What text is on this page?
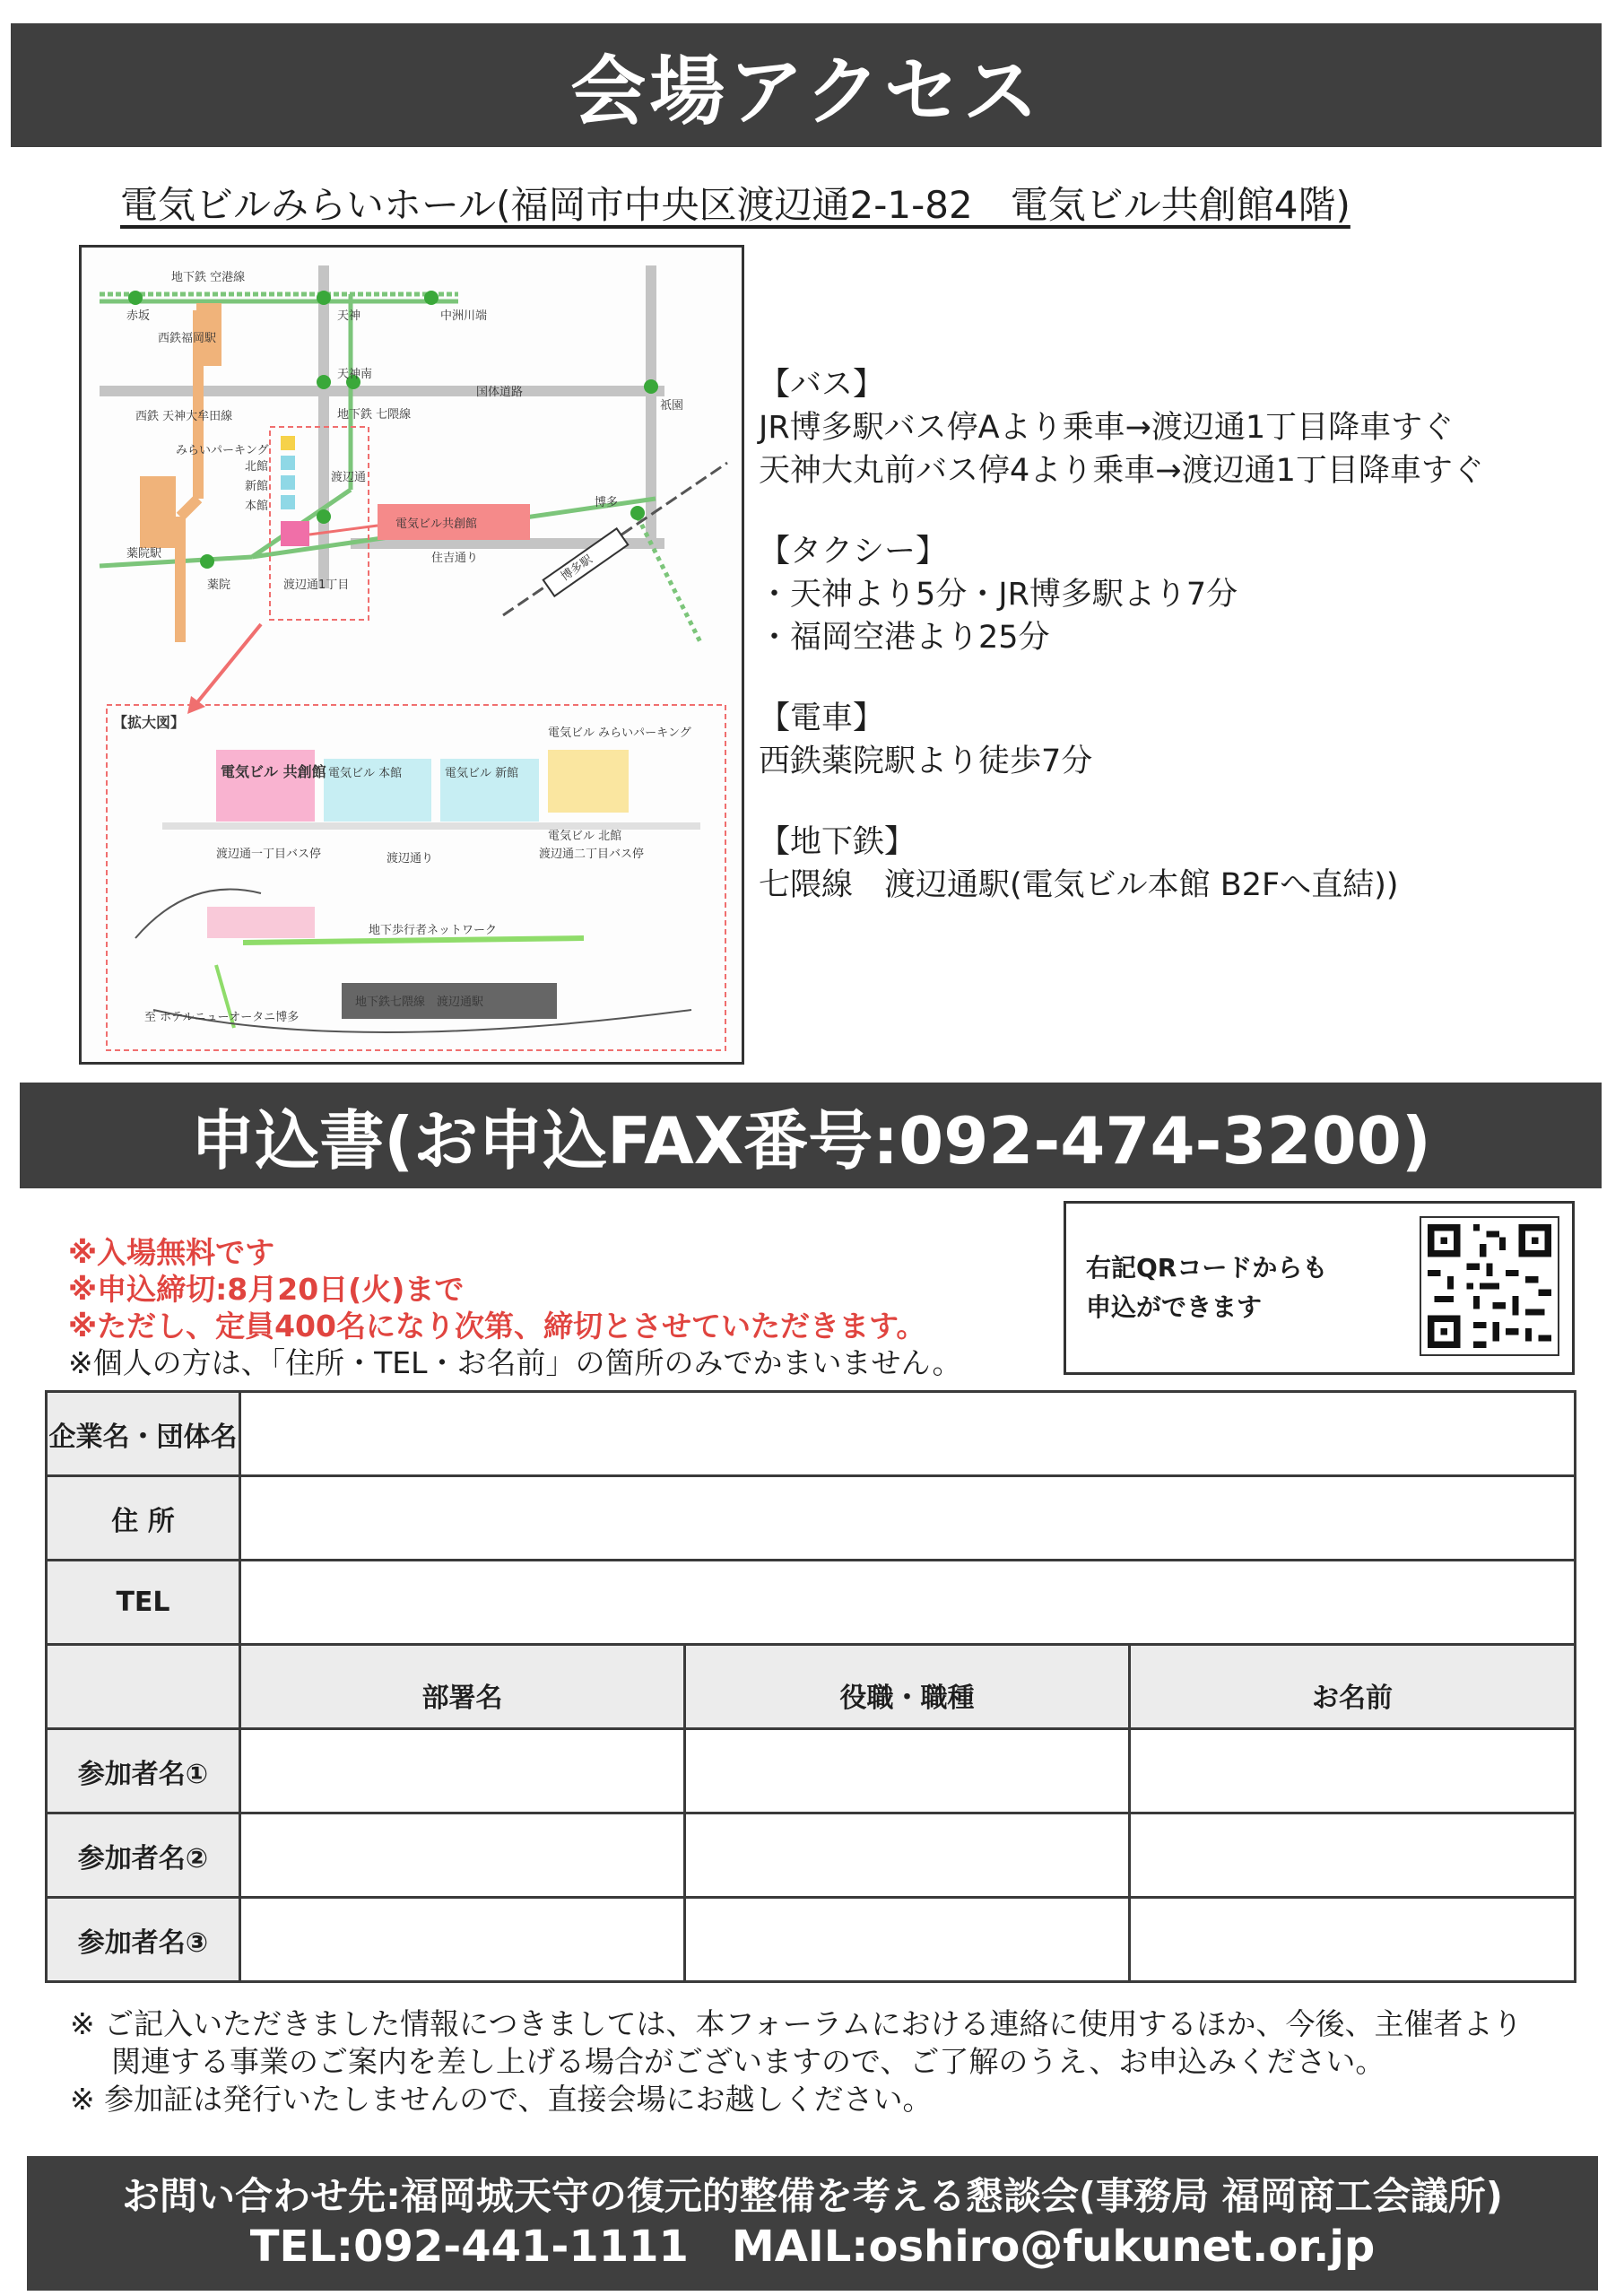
会場アクセス
電気ビルみらいホール(福岡市中央区渡辺通2-1-82　電気ビル共創館4階)
地下鉄 空港線
赤坂	天神	中洲川端
西鉄福岡駅
天神南
国体道路
祇園
西鉄 天神大牟田線	地下鉄 七隈線
みらいパーキング
北館
新館
本館
渡辺通
電気ビル共創館
博多
住吉通り
薬院駅
薬院	渡辺通1丁目
博多駅
【拡大図】
電気ビル みらいパーキング
電気ビル 共創館 電気ビル 本館	電気ビル 新館
電気ビル 北館
渡辺通一丁目バス停	渡辺通二丁目バス停
渡辺通り
地下歩行者ネットワーク
至 ホテルニューオータニ博多
地下鉄七隈線　渡辺通駅

【バス】

JR博多駅バス停Aより乗車→渡辺通1丁目降車すぐ

天神大丸前バス停4より乗車→渡辺通1丁目降車すぐ

【タクシー】

・天神より5分・JR博多駅より7分

・福岡空港より25分

【電車】

西鉄薬院駅より徒歩7分

【地下鉄】

七隈線　渡辺通駅(電気ビル本館 B2Fへ直結))

申込書(お申込FAX番号:092-474-3200)

※入場無料です

※申込締切:8月20日(火)まで

※ただし、定員400名になり次第、締切とさせていただきます。

※個人の方は、「住所・TEL・お名前」の箇所のみでかまいません。

右記QRコードからも
申込ができます
企業名・団体名			
住 所			
TEL			
	部署名	役職・職種	お名前
参加者名①			
参加者名②			
参加者名③			

※ ご記入いただきました情報につきましては、本フォーラムにおける連絡に使用するほか、今後、主催者より

関連する事業のご案内を差し上げる場合がございますので、ご了解のうえ、お申込みください。

※ 参加証は発行いたしませんので、直接会場にお越しください。

お問い合わせ先:福岡城天守の復元的整備を考える懇談会(事務局 福岡商工会議所)
TEL:092-441-1111　MAIL:oshiro@fukunet.or.jp
